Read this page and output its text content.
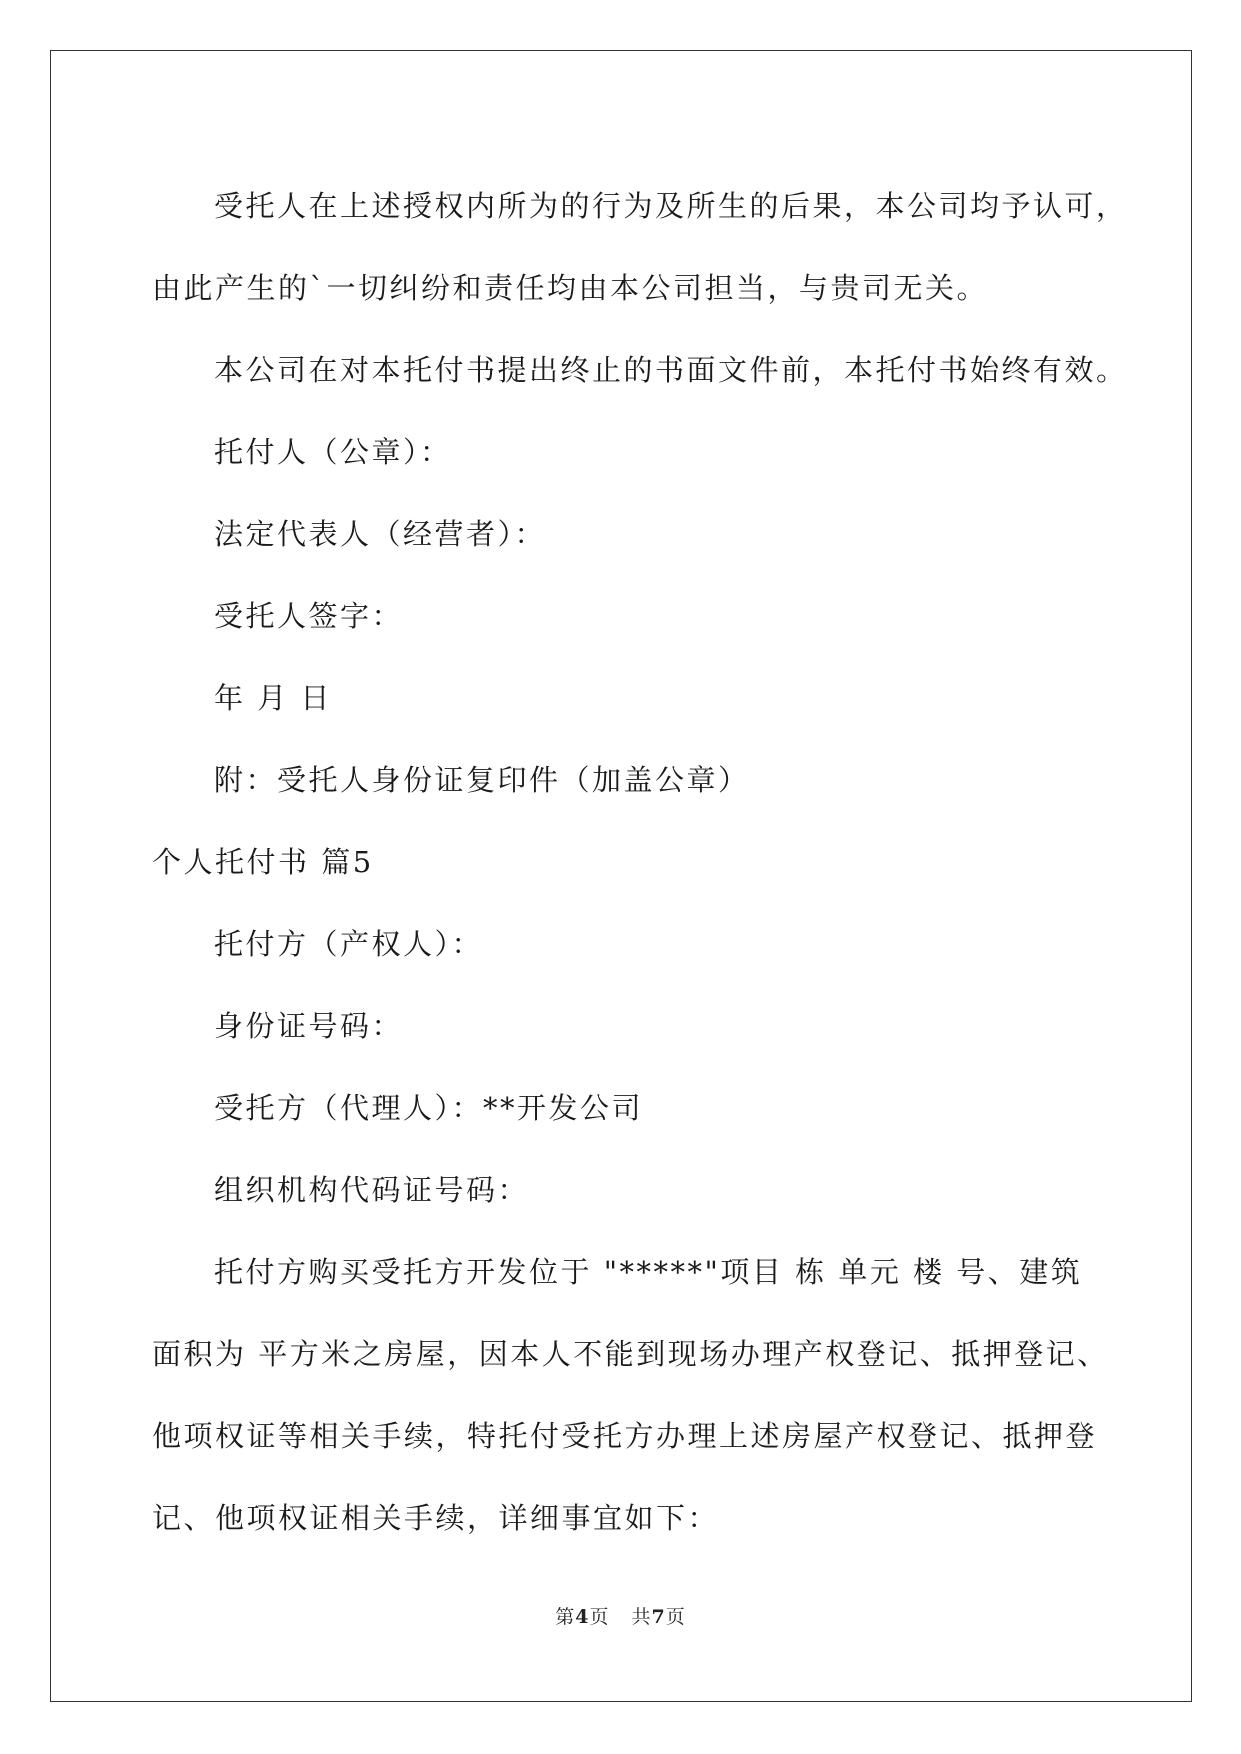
受托人在上述授权内所为的行为及所生的后果，本公司均予认可，
由此产生的`一切纠纷和责任均由本公司担当，与贵司无关。
本公司在对本托付书提出终止的书面文件前，本托付书始终有效。
托付人（公章）：
法定代表人（经营者）：
受托人签字：
年 月 日
附：受托人身份证复印件（加盖公章）
个人托付书 篇5
托付方（产权人）：
身份证号码：
受托方（代理人）：**开发公司
组织机构代码证号码：
托付方购买受托方开发位于 "*****"项目 栋 单元 楼 号、建筑
面积为 平方米之房屋，因本人不能到现场办理产权登记、抵押登记、
他项权证等相关手续，特托付受托方办理上述房屋产权登记、抵押登
记、他项权证相关手续，详细事宜如下：
第4页 共7页
